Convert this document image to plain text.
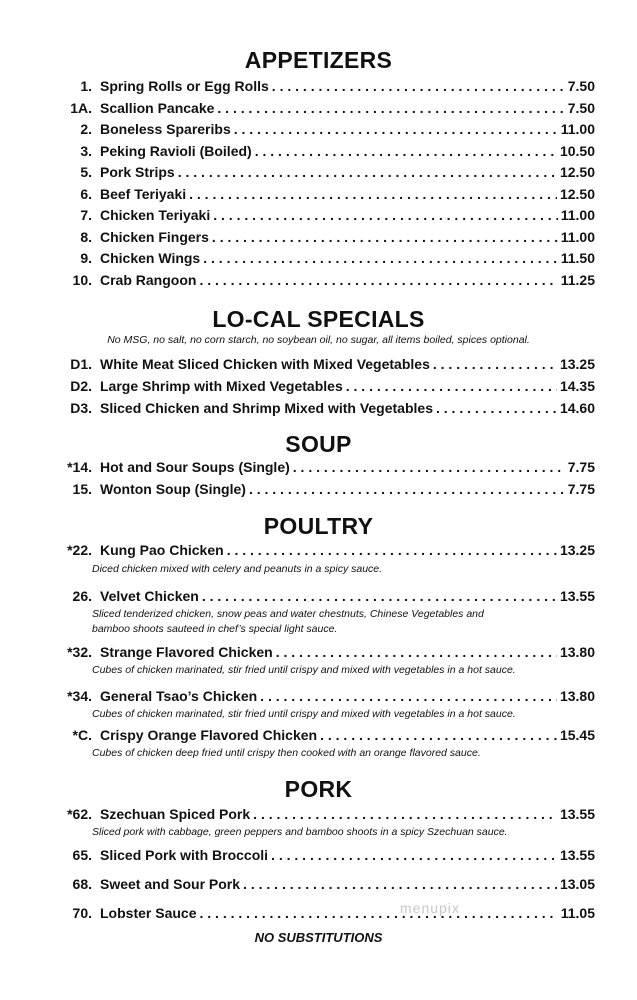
APPETIZERS
1. Spring Rolls or Egg Rolls . . .	7.50
1A. Scallion Pancake . . .	7.50
2. Boneless Spareribs . . .	11.00
3. Peking Ravioli (Boiled) . . .	10.50
5. Pork Strips . . .	12.50
6. Beef Teriyaki . . .	12.50
7. Chicken Teriyaki . . .	11.00
8. Chicken Fingers . . .	11.00
9. Chicken Wings . . .	11.50
10. Crab Rangoon . . .	11.25
LO-CAL SPECIALS
No MSG, no salt, no corn starch, no soybean oil, no sugar, all items boiled, spices optional.
D1. White Meat Sliced Chicken with Mixed Vegetables . . .	13.25
D2. Large Shrimp with Mixed Vegetables . . .	14.35
D3. Sliced Chicken and Shrimp Mixed with Vegetables . . .	14.60
SOUP
*14. Hot and Sour Soups (Single) . . .	7.75
15. Wonton Soup (Single) . . .	7.75
POULTRY
*22. Kung Pao Chicken . . .	13.25
Diced chicken mixed with celery and peanuts in a spicy sauce.
26. Velvet Chicken . . .	13.55
Sliced tenderized chicken, snow peas and water chestnuts, Chinese Vegetables and
bamboo shoots sauteed in chef’s special light sauce.
*32. Strange Flavored Chicken . . .	13.80
Cubes of chicken marinated, stir fried until crispy and mixed with vegetables in a hot sauce.
*34. General Tsao’s Chicken . . .	13.80
Cubes of chicken marinated, stir fried until crispy and mixed with vegetables in a hot sauce.
*C. Crispy Orange Flavored Chicken . . .	15.45
Cubes of chicken deep fried until crispy then cooked with an orange flavored sauce.
PORK
*62. Szechuan Spiced Pork . . .	13.55
Sliced pork with cabbage, green peppers and bamboo shoots in a spicy Szechuan sauce.
65. Sliced Pork with Broccoli . . .	13.55
68. Sweet and Sour Pork . . .	13.05
70. Lobster Sauce . . .	11.05
menupix
NO SUBSTITUTIONS
